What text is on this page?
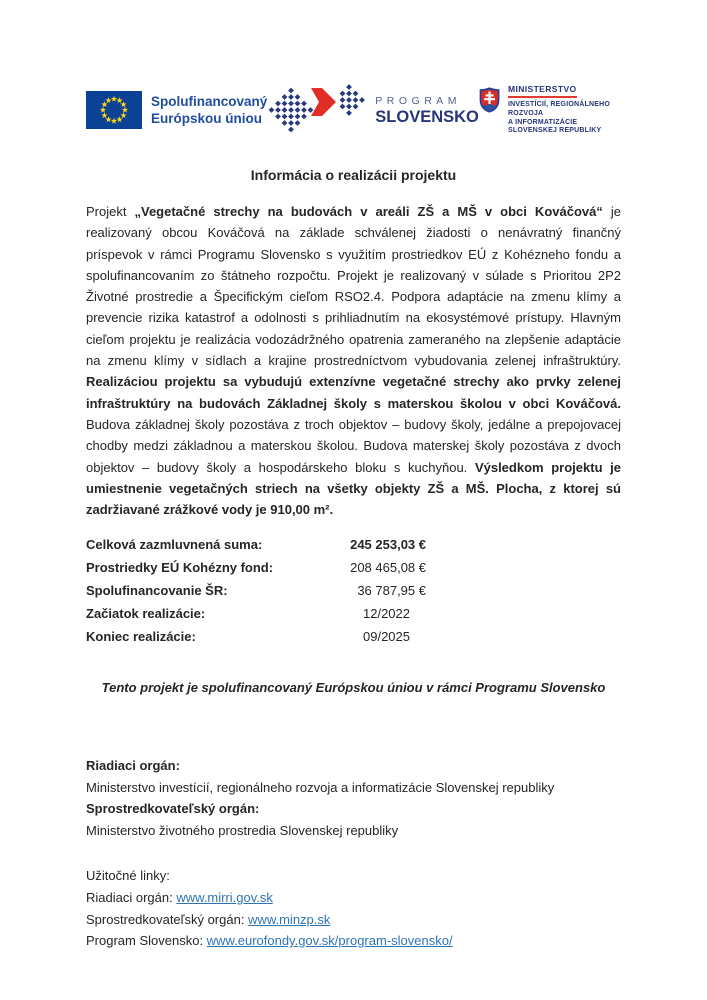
Spolufinancovaný
Európskou úniou
PROGRAM
SLOVENSKO
MINISTERSTVO
INVESTÍCIÍ, REGIONÁLNEHO ROZVOJA
A INFORMATIZÁCIE
SLOVENSKEJ REPUBLIKY
Informácia o realizácii projektu

Projekt „Vegetačné strechy na budovách v areáli ZŠ a MŠ v obci Kováčová“ je realizovaný obcou Kováčová na základe schválenej žiadosti o nenávratný finančný príspevok v rámci Programu Slovensko s využitím prostriedkov EÚ z Kohézneho fondu a spolufinancovaním zo štátneho rozpočtu. Projekt je realizovaný v súlade s Prioritou 2P2 Životné prostredie a Špecifickým cieľom RSO2.4. Podpora adaptácie na zmenu klímy a prevencie rizika katastrof a odolnosti s prihliadnutím na ekosystémové prístupy. Hlavným cieľom projektu je realizácia vodozádržného opatrenia zameraného na zlepšenie adaptácie na zmenu klímy v sídlach a krajine prostredníctvom vybudovania zelenej infraštruktúry. Realizáciou projektu sa vybudujú extenzívne vegetačné strechy ako prvky zelenej infraštruktúry na budovách Základnej školy s materskou školou v obci Kováčová. Budova základnej školy pozostáva z troch objektov – budovy školy, jedálne a prepojovacej chodby medzi základnou a materskou školou. Budova materskej školy pozostáva z dvoch objektov – budovy školy a hospodárskeho bloku s kuchyňou. Výsledkom projektu je umiestnenie vegetačných striech na všetky objekty ZŠ a MŠ. Plocha, z ktorej sú zadržiavané zrážkové vody je 910,00 m².

Celková zazmluvnená suma:	245 253,03 €
Prostriedky EÚ Kohézny fond:	208 465,08 €
Spolufinancovanie ŠR:	36 787,95 €
Začiatok realizácie:	12/2022
Koniec realizácie:	09/2025
Tento projekt je spolufinancovaný Európskou úniou v rámci Programu Slovensko
Riadiaci orgán:
Ministerstvo investícií, regionálneho rozvoja a informatizácie Slovenskej republiky
Sprostredkovateľský orgán:
Ministerstvo životného prostredia Slovenskej republiky
Užitočné linky:
Riadiaci orgán: www.mirri.gov.sk
Sprostredkovateľský orgán: www.minzp.sk
Program Slovensko: www.eurofondy.gov.sk/program-slovensko/
